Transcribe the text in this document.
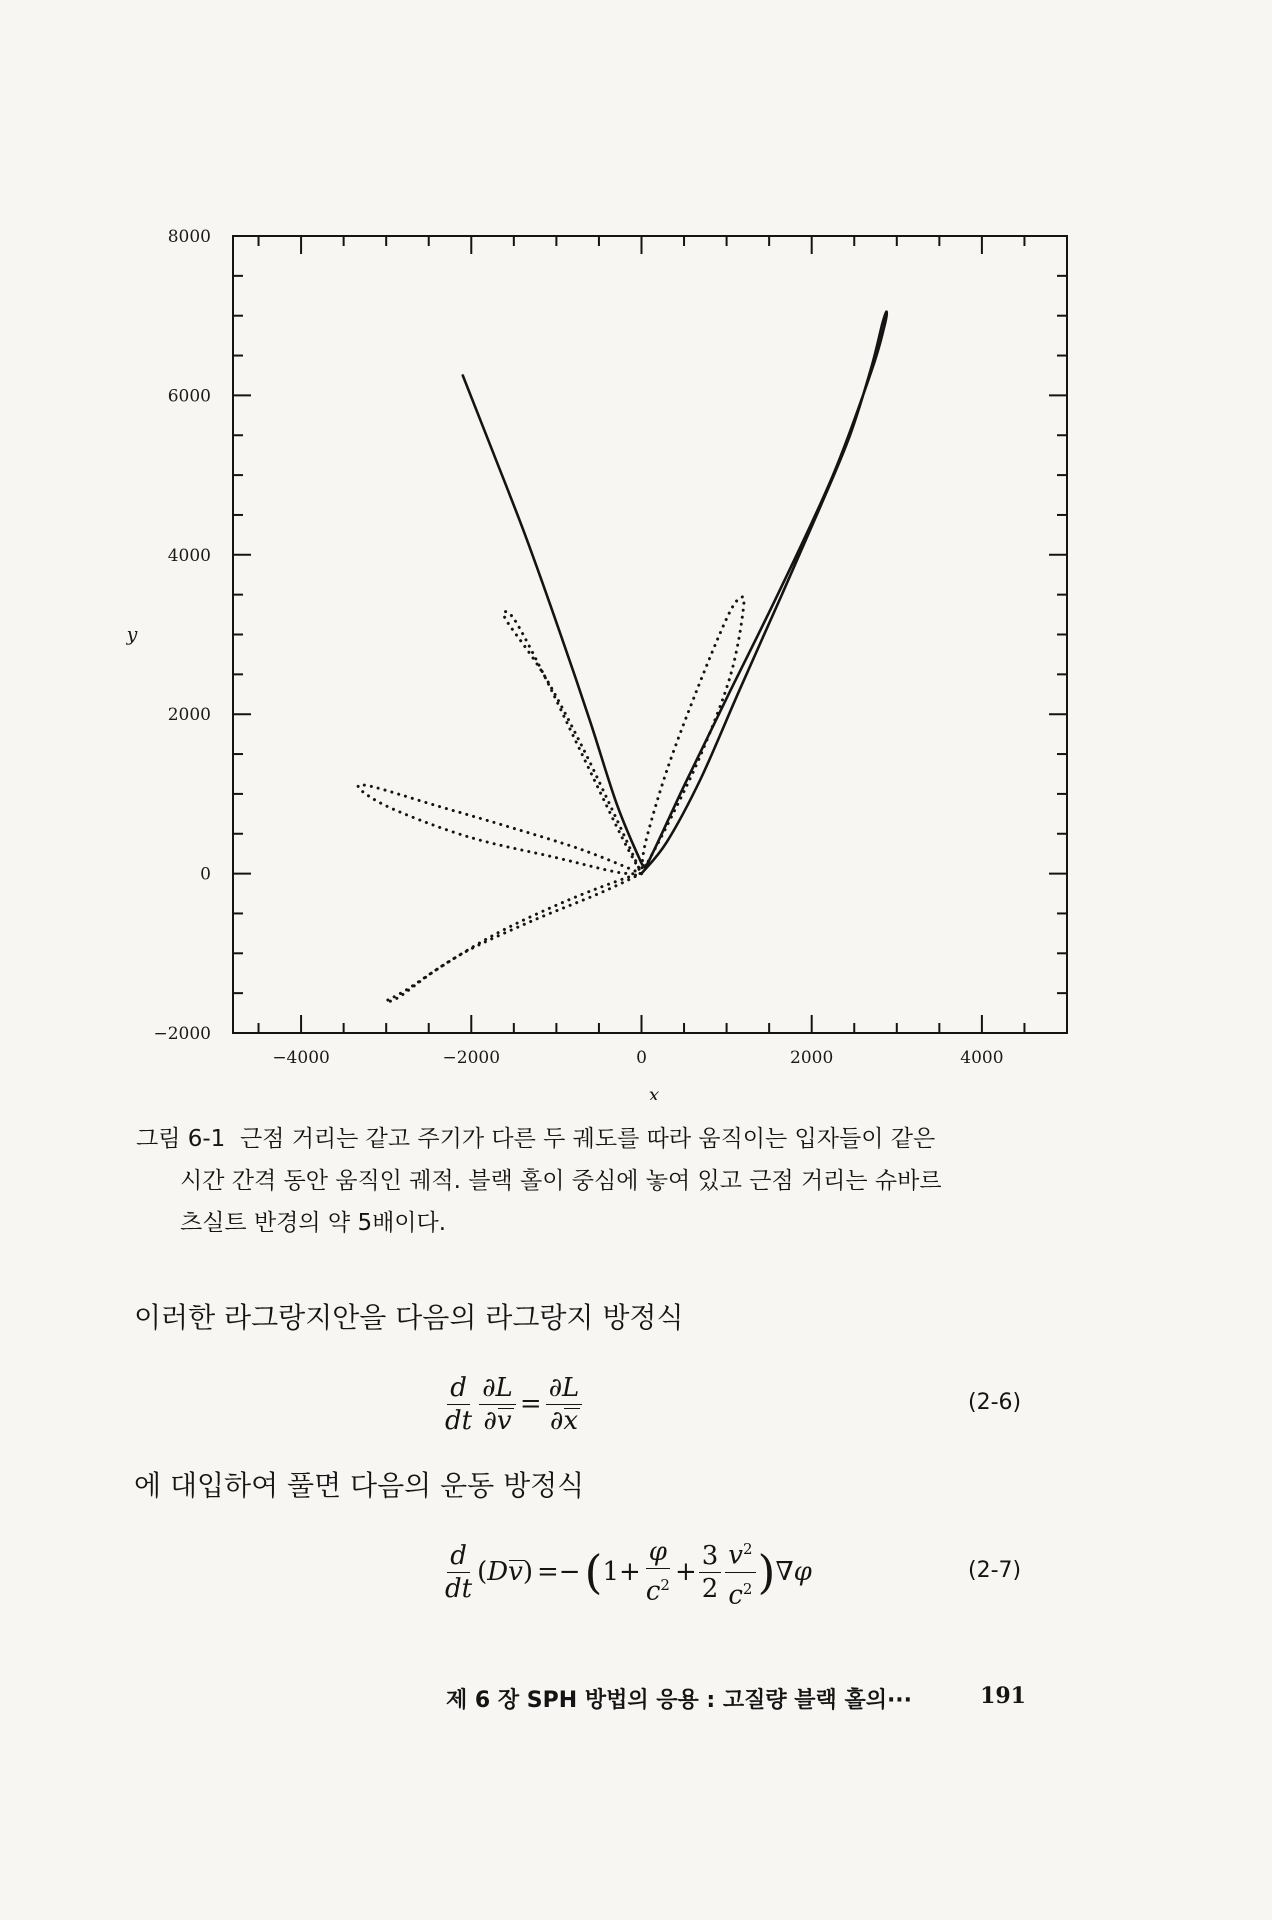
−4000	−2000	0	2000	4000
−2000
0
2000
4000
6000
8000
x
y
그림 6-1 근점 거리는 같고 주기가 다른 두 궤도를 따라 움직이는 입자들이 같은
시간 간격 동안 움직인 궤적. 블랙 홀이 중심에 놓여 있고 근점 거리는 슈바르
츠실트 반경의 약 5배이다.
이러한 라그랑지안을 다음의 라그랑지 방정식
$\frac{d}{dt} \frac{\partial L}{\partial v} = \frac{\partial L}{\partial x}$	(2-6)
에 대입하여 풀면 다음의 운동 방정식
$\frac{d}{dt}$ ( D v ) =− ( $1+ \frac{\varphi}{c^2} + \frac{3}{2} \frac{v^2}{c^2}$ ) ∇φ	(2-7)
제 6 장 SPH 방법의 응용 : 고질량 블랙 홀의···	191
